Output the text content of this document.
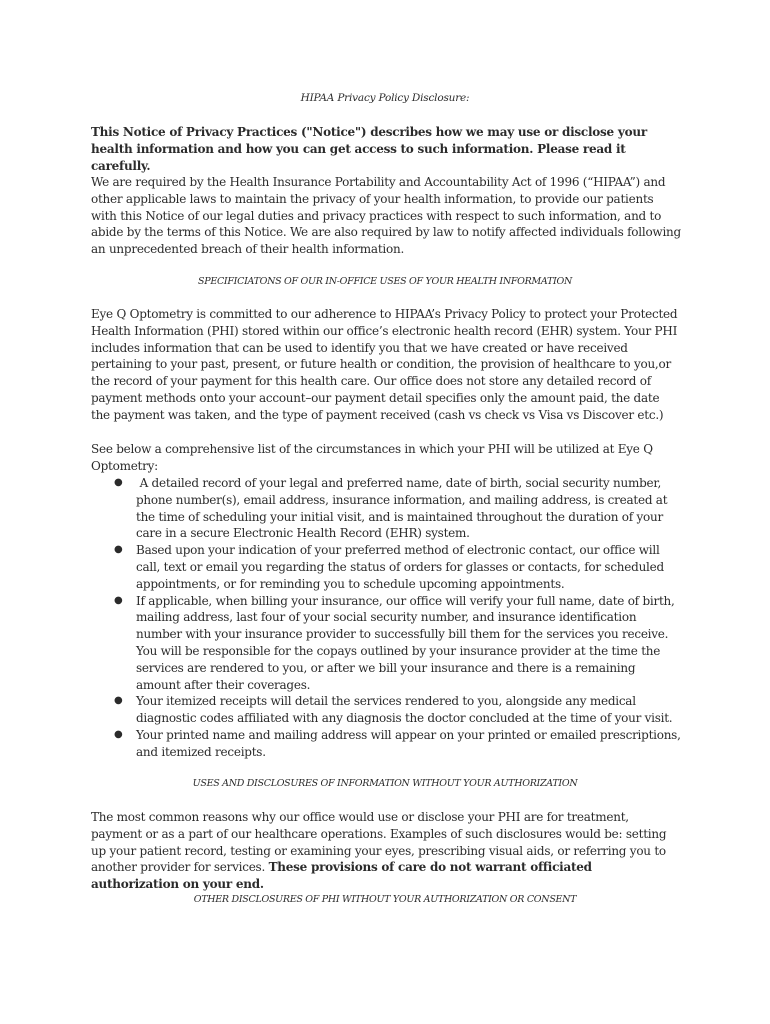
HIPAA Privacy Policy Disclosure:
This Notice of Privacy Practices ("Notice") describes how we may use or disclose your health information and how you can get access to such information. Please read it carefully.
We are required by the Health Insurance Portability and Accountability Act of 1996 (“HIPAA”) and other applicable laws to maintain the privacy of your health information, to provide our patients with this Notice of our legal duties and privacy practices with respect to such information, and to abide by the terms of this Notice. We are also required by law to notify affected individuals following an unprecedented breach of their health information.
SPECIFICIATONS OF OUR IN-OFFICE USES OF YOUR HEALTH INFORMATION
Eye Q Optometry is committed to our adherence to HIPAA’s Privacy Policy to protect your Protected Health Information (PHI) stored within our office’s electronic health record (EHR) system. Your PHI includes information that can be used to identify you that we have created or have received pertaining to your past, present, or future health or condition, the provision of healthcare to you,or the record of your payment for this health care. Our office does not store any detailed record of payment methods onto your account–our payment detail specifies only the amount paid, the date the payment was taken, and the type of payment received (cash vs check vs Visa vs Discover etc.)
See below a comprehensive list of the circumstances in which your PHI will be utilized at Eye Q Optometry:
● A detailed record of your legal and preferred name, date of birth, social security number, phone number(s), email address, insurance information, and mailing address, is created at the time of scheduling your initial visit, and is maintained throughout the duration of your care in a secure Electronic Health Record (EHR) system.
● Based upon your indication of your preferred method of electronic contact, our office will call, text or email you regarding the status of orders for glasses or contacts, for scheduled appointments, or for reminding you to schedule upcoming appointments.
● If applicable, when billing your insurance, our office will verify your full name, date of birth, mailing address, last four of your social security number, and insurance identification number with your insurance provider to successfully bill them for the services you receive. You will be responsible for the copays outlined by your insurance provider at the time the services are rendered to you, or after we bill your insurance and there is a remaining amount after their coverages.
● Your itemized receipts will detail the services rendered to you, alongside any medical diagnostic codes affiliated with any diagnosis the doctor concluded at the time of your visit.
● Your printed name and mailing address will appear on your printed or emailed prescriptions, and itemized receipts.
USES AND DISCLOSURES OF INFORMATION WITHOUT YOUR AUTHORIZATION
The most common reasons why our office would use or disclose your PHI are for treatment, payment or as a part of our healthcare operations. Examples of such disclosures would be: setting up your patient record, testing or examining your eyes, prescribing visual aids, or referring you to another provider for services. These provisions of care do not warrant officiated authorization on your end.
OTHER DISCLOSURES OF PHI WITHOUT YOUR AUTHORIZATION OR CONSENT
